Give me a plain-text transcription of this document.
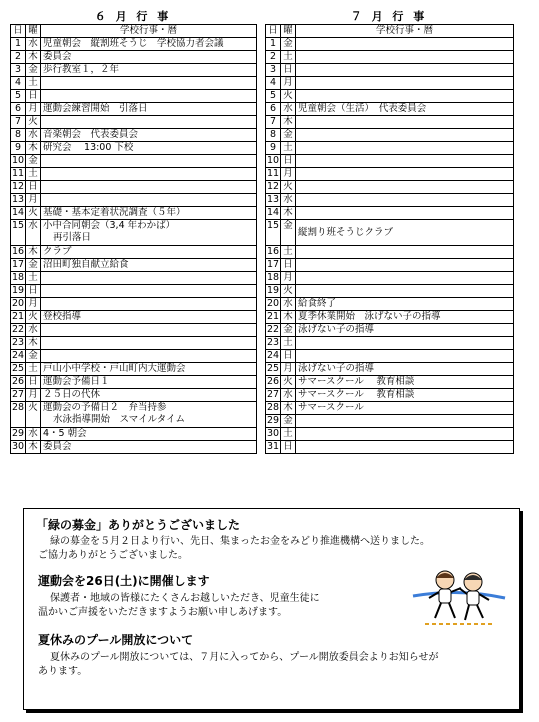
６ 月 行 事
日	曜	学校行事・暦
1	水	児童朝会　縦割班そうじ　学校協力者会議

2	木	委員会

3	金	歩行教室１，２年

4	土	

5	日	

6	月	運動会練習開始　引落日

7	火	

8	水	音楽朝会　代表委員会

9	木	研究会　 13:00 下校

10	金	

11	土	

12	日	

13	月	

14	火	基礎・基本定着状況調査（５年）

15	水	小中合同朝会（3,4 年わかば）
再引落日

16	木	クラブ

17	金	沼田町独自献立給食

18	土	

19	日	

20	月	

21	火	登校指導

22	水	

23	木	

24	金	

25	土	戸山小中学校・戸山町内大運動会

26	日	運動会予備日１

27	月	２５日の代休

28	火	運動会の予備日２　弁当持参
水泳指導開始　スマイルタイム

29	水	4・5 朝会

30	木	委員会
７ 月 行 事
日	曜	学校行事・暦
1	金	

2	土	

3	日	

4	月	

5	火	

6	水	児童朝会（生活）　代表委員会

7	木	

8	金	

9	土	

10	日	

11	月	

12	火	

13	水	

14	木	

15	金	縦割り班そうじクラブ

16	土	

17	日	

18	月	

19	火	

20	水	給食終了

21	木	夏季休業開始　泳げない子の指導

22	金	泳げない子の指導

23	土	

24	日	

25	月	泳げない子の指導

26	火	サマースクール　 教育相談

27	水	サマースクール　 教育相談

28	木	サマースクール

29	金	

30	土	

31	日	
「緑の募金」ありがとうございました
緑の募金を５月２日より行い、先日、集まったお金をみどり推進機構へ送りました。
ご協力ありがとうございました。
運動会を26日(土)に開催します
保護者・地域の皆様にたくさんお越しいただき、児童生徒に
温かいご声援をいただきますようお願い申しあげます。
夏休みのプール開放について
夏休みのプール開放については、７月に入ってから、プール開放委員会よりお知らせが
あります。
